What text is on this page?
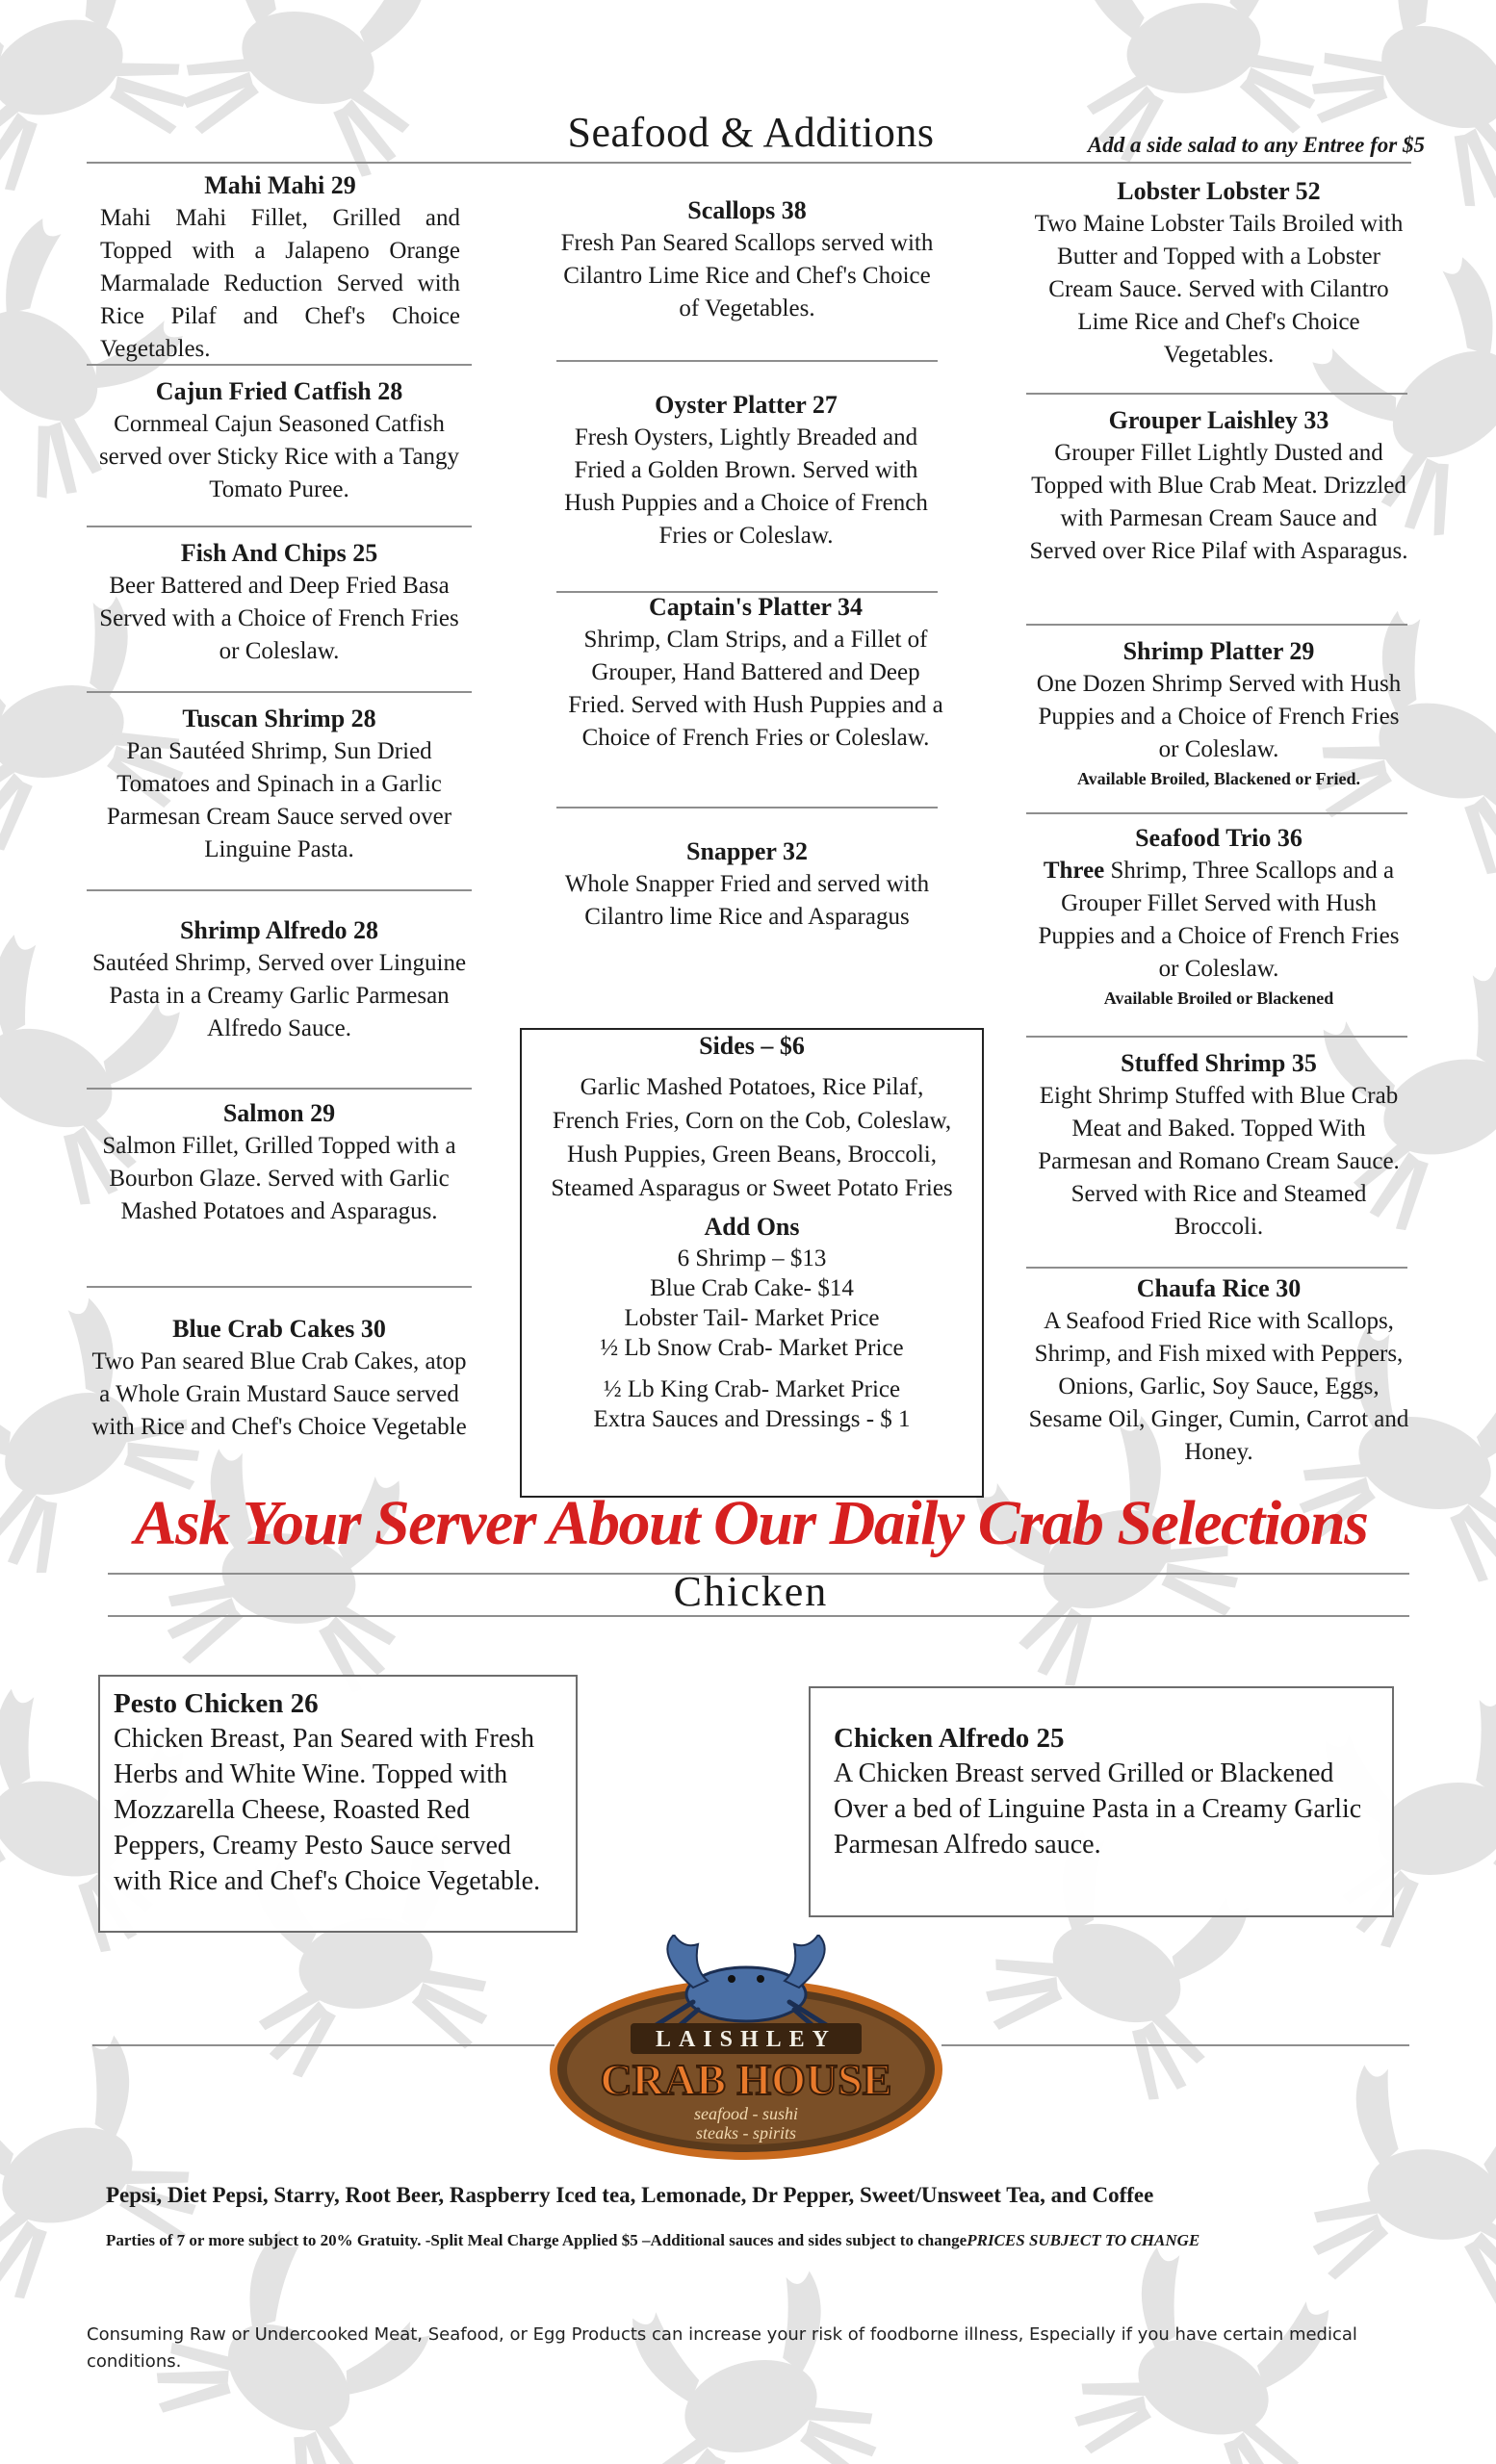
Seafood & Additions	Add a side salad to any Entree for $5
Mahi Mahi 29
Mahi Mahi Fillet, Grilled and Topped with a Jalapeno Orange Marmalade Reduction Served with Rice Pilaf and Chef's Choice Vegetables.
Cajun Fried Catfish 28
Cornmeal Cajun Seasoned Catfish served over Sticky Rice with a Tangy Tomato Puree.
Fish And Chips 25
Beer Battered and Deep Fried Basa Served with a Choice of French Fries or Coleslaw.
Tuscan Shrimp 28
Pan Sautéed Shrimp, Sun Dried Tomatoes and Spinach in a Garlic Parmesan Cream Sauce served over Linguine Pasta.
Shrimp Alfredo 28
Sautéed Shrimp, Served over Linguine Pasta in a Creamy Garlic Parmesan Alfredo Sauce.
Salmon 29
Salmon Fillet, Grilled Topped with a Bourbon Glaze. Served with Garlic Mashed Potatoes and Asparagus.
Blue Crab Cakes 30
Two Pan seared Blue Crab Cakes, atop a Whole Grain Mustard Sauce served with Rice and Chef's Choice Vegetable
Scallops 38
Fresh Pan Seared Scallops served with Cilantro Lime Rice and Chef's Choice of Vegetables.
Oyster Platter 27
Fresh Oysters, Lightly Breaded and Fried a Golden Brown. Served with Hush Puppies and a Choice of French Fries or Coleslaw.
Captain's Platter 34
Shrimp, Clam Strips, and a Fillet of Grouper, Hand Battered and Deep Fried. Served with Hush Puppies and a Choice of French Fries or Coleslaw.
Snapper 32
Whole Snapper Fried and served with Cilantro lime Rice and Asparagus
Sides – $6
Garlic Mashed Potatoes, Rice Pilaf, French Fries, Corn on the Cob, Coleslaw, Hush Puppies, Green Beans, Broccoli, Steamed Asparagus or Sweet Potato Fries
Add Ons
6 Shrimp – $13
Blue Crab Cake- $14
Lobster Tail- Market Price
½ Lb Snow Crab- Market Price
½ Lb King Crab- Market Price
Extra Sauces and Dressings - $ 1
Lobster Lobster 52
Two Maine Lobster Tails Broiled with Butter and Topped with a Lobster Cream Sauce. Served with Cilantro Lime Rice and Chef's Choice Vegetables.
Grouper Laishley 33
Grouper Fillet Lightly Dusted and Topped with Blue Crab Meat. Drizzled with Parmesan Cream Sauce and Served over Rice Pilaf with Asparagus.
Shrimp Platter 29
One Dozen Shrimp Served with Hush Puppies and a Choice of French Fries or Coleslaw.
Available Broiled, Blackened or Fried.
Seafood Trio 36
Three Shrimp, Three Scallops and a Grouper Fillet Served with Hush Puppies and a Choice of French Fries or Coleslaw.
Available Broiled or Blackened
Stuffed Shrimp 35
Eight Shrimp Stuffed with Blue Crab Meat and Baked. Topped With Parmesan and Romano Cream Sauce. Served with Rice and Steamed Broccoli.
Chaufa Rice 30
A Seafood Fried Rice with Scallops, Shrimp, and Fish mixed with Peppers, Onions, Garlic, Soy Sauce, Eggs, Sesame Oil, Ginger, Cumin, Carrot and Honey.
Ask Your Server About Our Daily Crab Selections
Chicken
Pesto Chicken 26
Chicken Breast, Pan Seared with Fresh Herbs and White Wine. Topped with Mozzarella Cheese, Roasted Red Peppers, Creamy Pesto Sauce served with Rice and Chef's Choice Vegetable.
Chicken Alfredo 25
A Chicken Breast served Grilled or Blackened Over a bed of Linguine Pasta in a Creamy Garlic Parmesan Alfredo sauce.
LAISHLEY
CRAB HOUSE
seafood - sushi
steaks - spirits
Pepsi, Diet Pepsi, Starry, Root Beer, Raspberry Iced tea, Lemonade, Dr Pepper, Sweet/Unsweet Tea, and Coffee
Parties of 7 or more subject to 20% Gratuity. -Split Meal Charge Applied $5 –Additional sauces and sides subject to changePRICES SUBJECT TO CHANGE
Consuming Raw or Undercooked Meat, Seafood, or Egg Products can increase your risk of foodborne illness, Especially if you have certain medical conditions.
